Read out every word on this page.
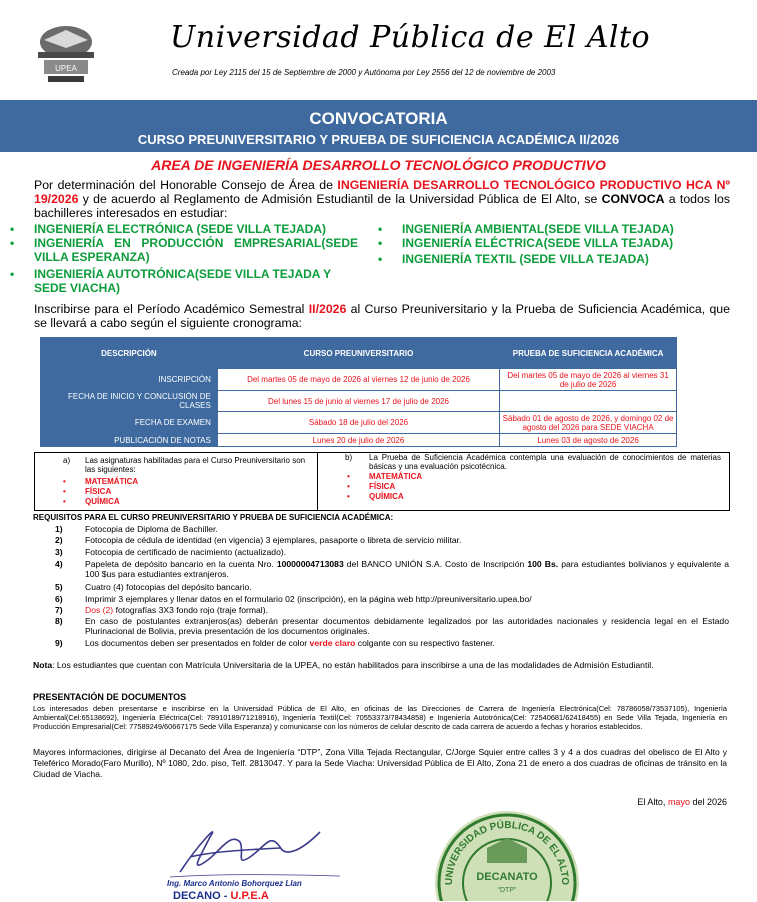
UPEA
Universidad Pública de El Alto
Creada por Ley 2115 del 15 de Septiembre de 2000 y Autónoma por Ley 2556 del 12 de noviembre de 2003
CONVOCATORIA
CURSO PREUNIVERSITARIO Y PRUEBA DE SUFICIENCIA ACADÉMICA II/2026
AREA DE INGENIERÍA DESARROLLO TECNOLÓGICO PRODUCTIVO
Por determinación del Honorable Consejo de Área de INGENIERÍA DESARROLLO TECNOLÓGICO PRODUCTIVO HCA Nº 19/2026 y de acuerdo al Reglamento de Admisión Estudiantil de la Universidad Pública de El Alto, se CONVOCA a todos los bachilleres interesados en estudiar:
• INGENIERÍA ELECTRÓNICA (SEDE VILLA TEJADA)
• INGENIERÍA EN PRODUCCIÓN EMPRESARIAL(SEDE VILLA ESPERANZA)
• INGENIERÍA AUTOTRÓNICA(SEDE VILLA TEJADA Y SEDE VIACHA)
• INGENIERÍA AMBIENTAL(SEDE VILLA TEJADA)
• INGENIERÍA ELÉCTRICA(SEDE VILLA TEJADA)
• INGENIERÍA TEXTIL (SEDE VILLA TEJADA)
Inscribirse para el Período Académico Semestral II/2026 al Curso Preuniversitario y la Prueba de Suficiencia Académica, que se llevará a cabo según el siguiente cronograma:
DESCRIPCIÓN	CURSO PREUNIVERSITARIO	PRUEBA DE SUFICIENCIA ACADÉMICA
INSCRIPCIÓN	Del martes 05 de mayo de 2026 al viernes 12 de junio de 2026	Del martes 05 de mayo de 2026 al viernes 31 de julio de 2026
FECHA DE INICIO Y CONCLUSIÓN DE CLASES	Del lunes 15 de junio al viernes 17 de julio de 2026	
FECHA DE EXAMEN	Sábado 18 de julio del 2026	Sábado 01 de agosto de 2026, y domingo 02 de agosto del 2026 para SEDE VIACHA
PUBLICACIÓN DE NOTAS	Lunes 20 de julio de 2026	Lunes 03 de agosto de 2026
a) Las asignaturas habilitadas para el Curso Preuniversitario son las siguientes:
• MATEMÁTICA
• FÍSICA
• QUÍMICA
b) La Prueba de Suficiencia Académica contempla una evaluación de conocimientos de materias básicas y una evaluación psicotécnica.
• MATEMÁTICA
• FÍSICA
• QUÍMICA
REQUISITOS PARA EL CURSO PREUNIVERSITARIO Y PRUEBA DE SUFICIENCIA ACADÉMICA:
1)	Fotocopia de Diploma de Bachiller.
2)	Fotocopia de cédula de identidad (en vigencia) 3 ejemplares, pasaporte o libreta de servicio militar.
3)	Fotocopia de certificado de nacimiento (actualizado).
4)	Papeleta de depósito bancario en la cuenta Nro. 10000004713083 del BANCO UNIÓN S.A. Costo de Inscripción 100 Bs. para estudiantes bolivianos y equivalente a 100 $us para estudiantes extranjeros.
5)	Cuatro (4) fotocopias del depósito bancario.
6)	Imprimir 3 ejemplares y llenar datos en el formulario 02 (inscripción), en la página web http://preuniversitario.upea.bo/
7)	Dos (2) fotografías 3X3 fondo rojo (traje formal).
8)	En caso de postulantes extranjeros(as) deberán presentar documentos debidamente legalizados por las autoridades nacionales y residencia legal en el Estado Plurinacional de Bolivia, previa presentación de los documentos originales.
9)	Los documentos deben ser presentados en folder de color verde claro colgante con su respectivo fastener.
Nota: Los estudiantes que cuentan con Matrícula Universitaria de la UPEA, no están habilitados para inscribirse a una de las modalidades de Admisión Estudiantil.
PRESENTACIÓN DE DOCUMENTOS
Los interesados deben presentarse e inscribirse en la Universidad Pública de El Alto, en oficinas de las Direcciones de Carrera de Ingeniería Electrónica(Cel: 78786058/73537105), Ingeniería Ambiental(Cel:65138692), Ingeniería Eléctrica(Cel: 78910189/71218916), Ingeniería Textil(Cel: 70553373/78434858) e Ingeniería Autotrónica(Cel: 72540681/62418455) en Sede Villa Tejada, Ingeniería en Producción Empresarial(Cel: 77589249/60667175 Sede Villa Esperanza) y comunicarse con los números de celular descrito de cada carrera de acuerdo a fechas y horarios establecidos.
Mayores informaciones, dirigirse al Decanato del Área de Ingeniería “DTP”, Zona Villa Tejada Rectangular, C/Jorge Squier entre calles 3 y 4 a dos cuadras del obelisco de El Alto y Teleférico Morado(Faro Murillo), Nº 1080, 2do. piso, Telf. 2813047. Y para la Sede Viacha: Universidad Pública de El Alto, Zona 21 de enero a dos cuadras de oficinas de tránsito en la Ciudad de Viacha.
El Alto, mayo del 2026
Ing. Marco Antonio Bohorquez Llan
DECANO - U.P.E.A
UNIVERSIDAD PÚBLICA DE EL ALTO
DECANATO
“DTP”
